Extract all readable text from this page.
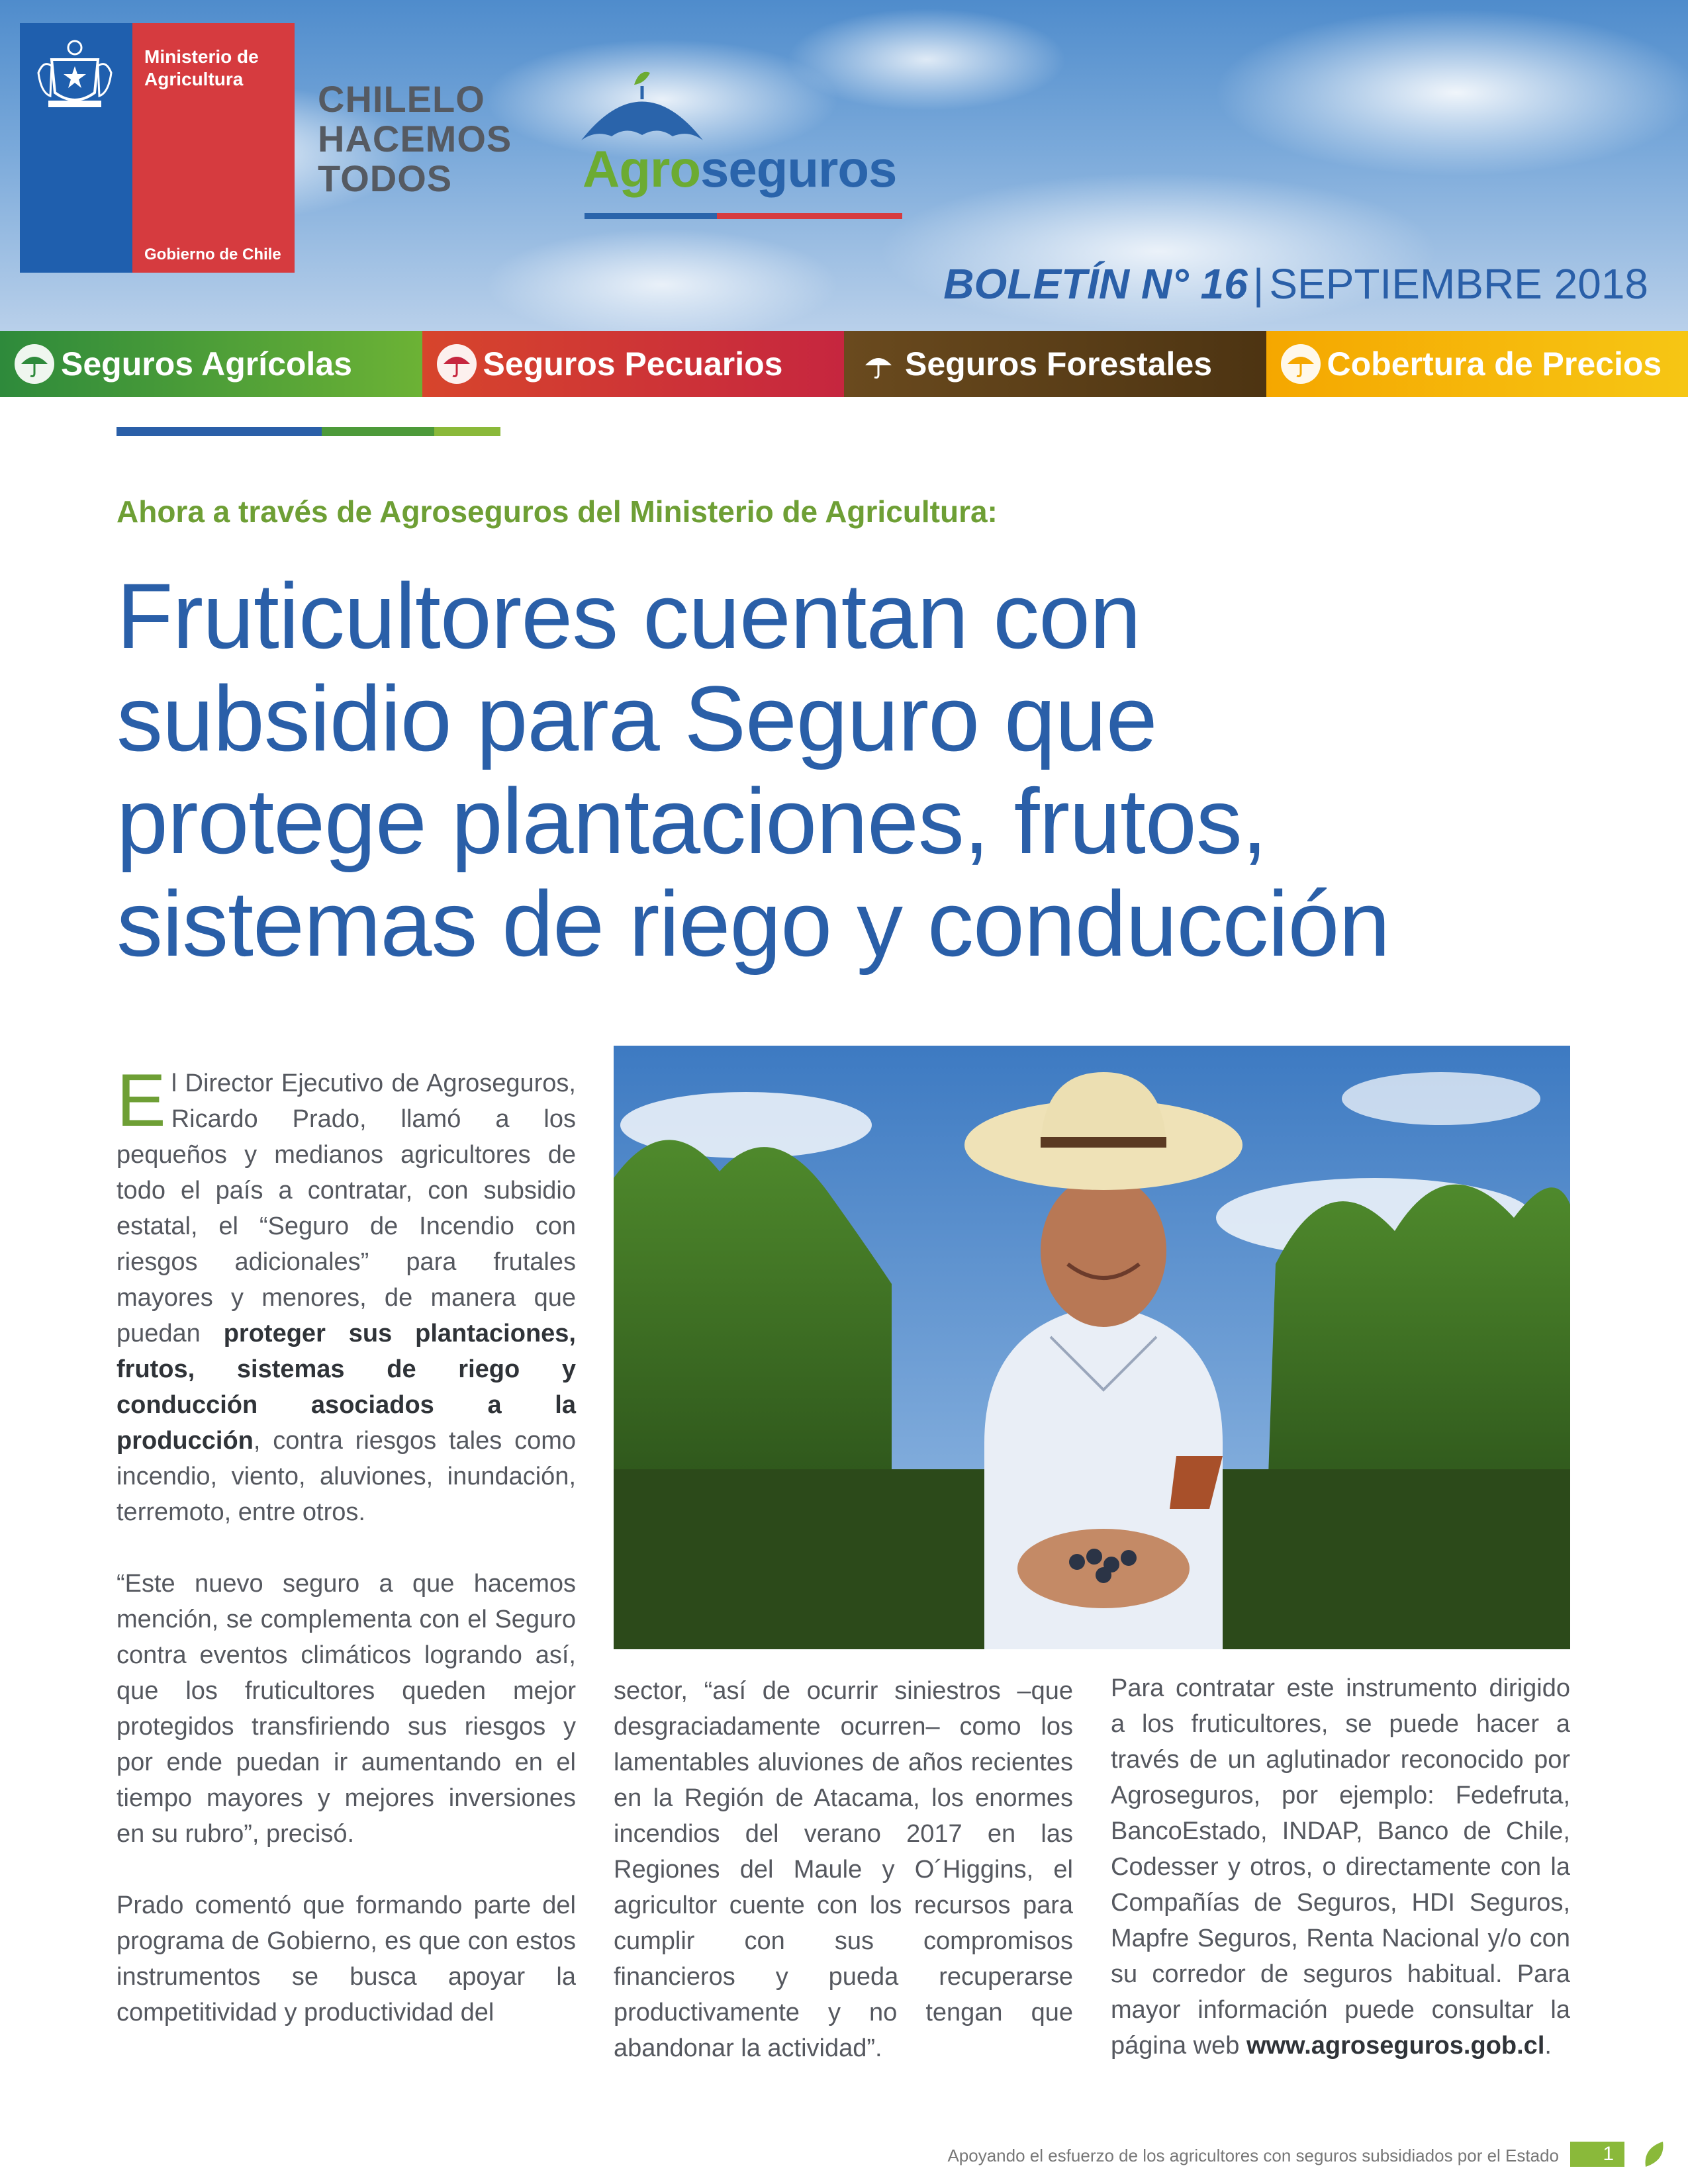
Ministerio de Agricultura
Gobierno de Chile
CHILELO
HACEMOS
TODOS	Agroseguros
BOLETÍN N° 16 | SEPTIEMBRE 2018
Seguros Agrícolas	Seguros Pecuarios	Seguros Forestales	Cobertura de Precios
Ahora a través de Agroseguros del Ministerio de Agricultura:
Fruticultores cuentan con
subsidio para Seguro que
protege plantaciones, frutos,
sistemas de riego y conducción

El Director Ejecutivo de Agroseguros, Ricardo Prado, llamó a los pequeños y medianos agricultores de todo el país a contratar, con subsidio estatal, el “Seguro de Incendio con riesgos adicionales” para frutales mayores y menores, de manera que puedan proteger sus plantaciones, frutos, sistemas de riego y conducción asociados a la producción, contra riesgos tales como incendio, viento, aluviones, inundación, terremoto, entre otros.

“Este nuevo seguro a que hacemos mención, se complementa con el Seguro contra eventos climáticos logrando así, que los fruticultores queden mejor protegidos transfiriendo sus riesgos y por ende puedan ir aumentando en el tiempo mayores y mejores inversiones en su rubro”, precisó.

Prado comentó que formando parte del programa de Gobierno, es que con estos instrumentos se busca apoyar la competitividad y productividad del

sector, “así de ocurrir siniestros –que desgraciadamente ocurren– como los lamentables aluviones de años recientes en la Región de Atacama, los enormes incendios del verano 2017 en las Regiones del Maule y O´Higgins, el agricultor cuente con los recursos para cumplir con sus compromisos financieros y pueda recuperarse productivamente y no tengan que abandonar la actividad”.

Para contratar este instrumento dirigido a los fruticultores, se puede hacer a través de un aglutinador reconocido por Agroseguros, por ejemplo: Fedefruta, BancoEstado, INDAP, Banco de Chile, Codesser y otros, o directamente con la Compañías de Seguros, HDI Seguros, Mapfre Seguros, Renta Nacional y/o con su corredor de seguros habitual. Para mayor información puede consultar la página web www.agroseguros.gob.cl.

Apoyando el esfuerzo de los agricultores con seguros subsidiados por el Estado	1
